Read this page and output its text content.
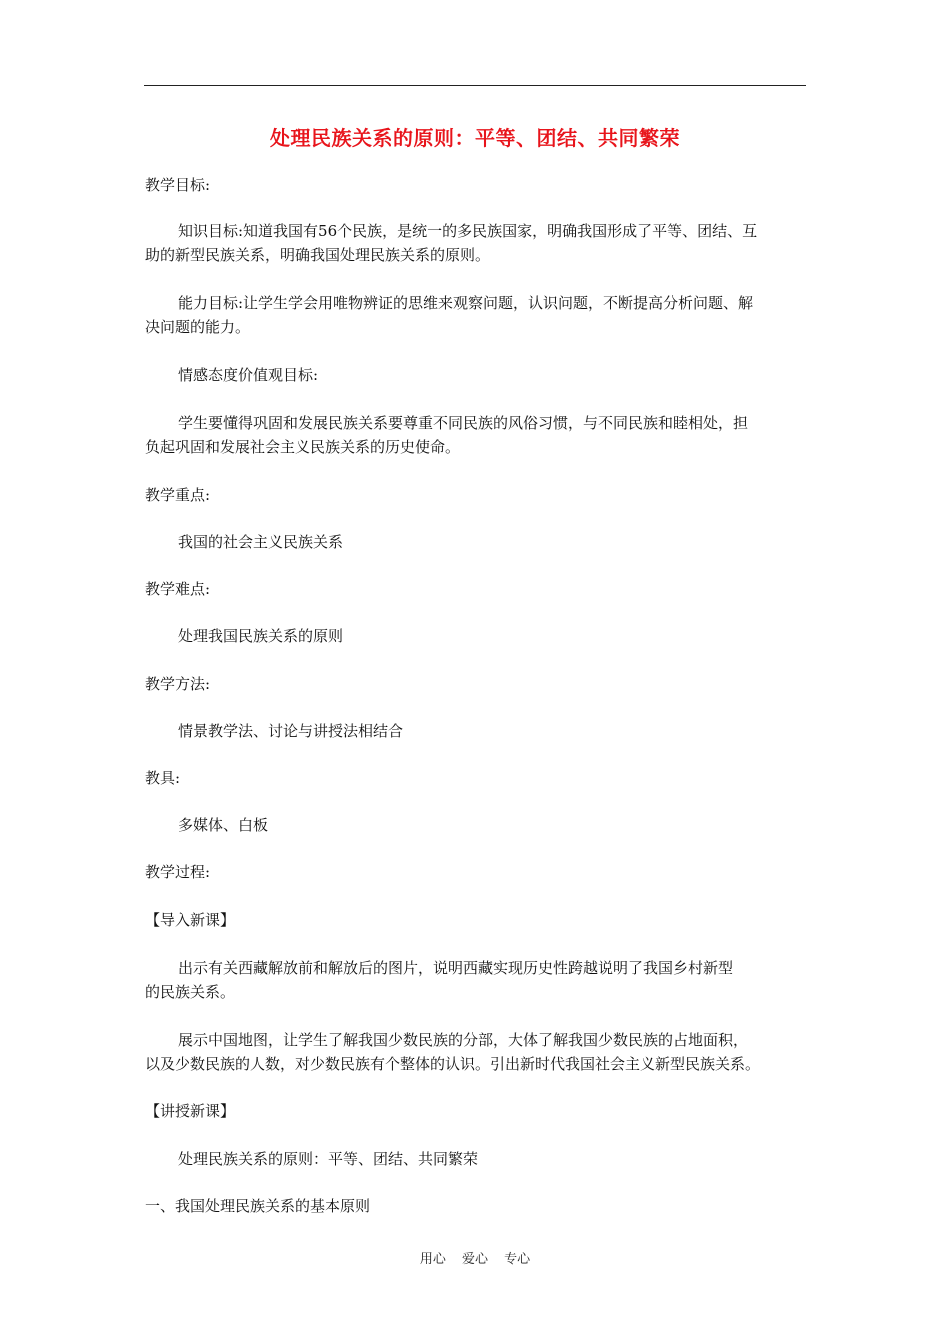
处理民族关系的原则：平等、团结、共同繁荣
教学目标:
知识目标:知道我国有56个民族，是统一的多民族国家，明确我国形成了平等、团结、互
助的新型民族关系，明确我国处理民族关系的原则。
能力目标:让学生学会用唯物辨证的思维来观察问题，认识问题，不断提高分析问题、解
决问题的能力。
情感态度价值观目标:
学生要懂得巩固和发展民族关系要尊重不同民族的风俗习惯，与不同民族和睦相处，担
负起巩固和发展社会主义民族关系的历史使命。
教学重点:
我国的社会主义民族关系
教学难点:
处理我国民族关系的原则
教学方法:
情景教学法、讨论与讲授法相结合
教具:
多媒体、白板
教学过程:
【导入新课】
出示有关西藏解放前和解放后的图片，说明西藏实现历史性跨越说明了我国乡村新型
的民族关系。
展示中国地图，让学生了解我国少数民族的分部，大体了解我国少数民族的占地面积，
以及少数民族的人数，对少数民族有个整体的认识。引出新时代我国社会主义新型民族关系。
【讲授新课】
处理民族关系的原则：平等、团结、共同繁荣
一、我国处理民族关系的基本原则
用心 爱心 专心
